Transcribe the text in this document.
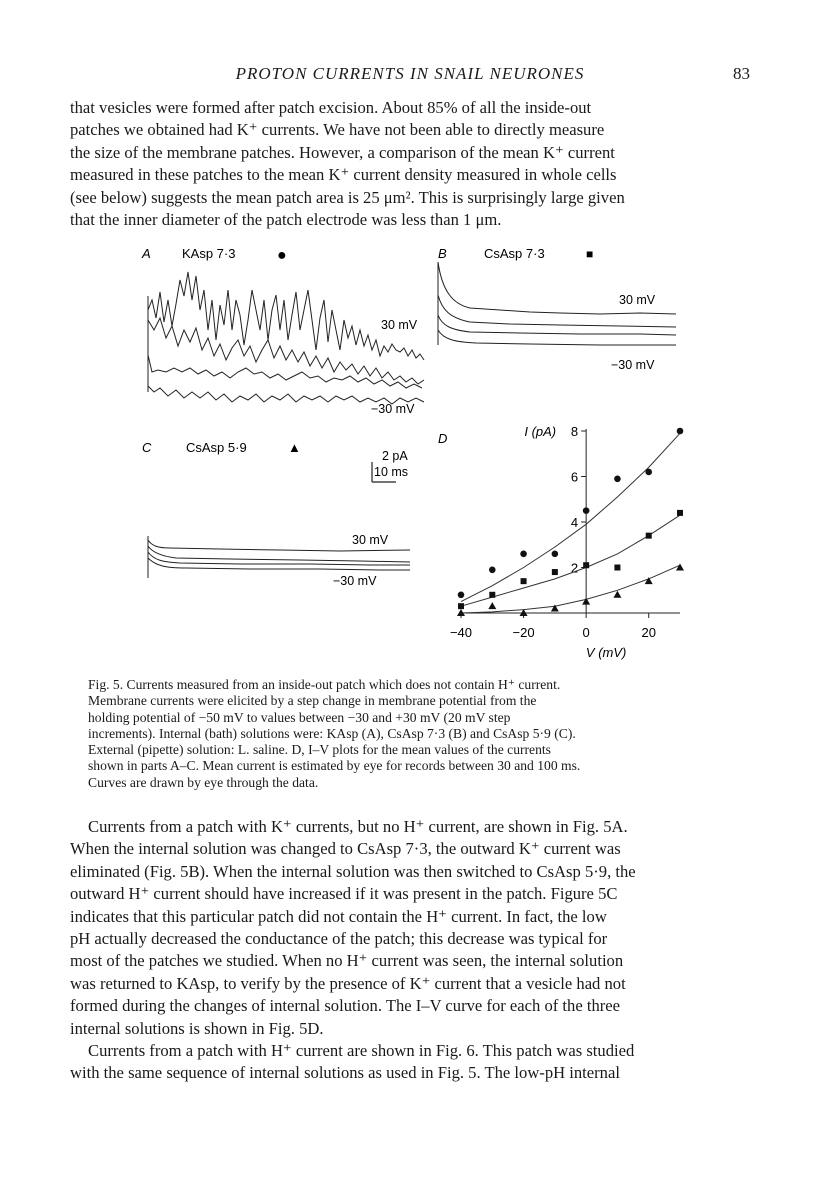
PROTON CURRENTS IN SNAIL NEURONES	83
that vesicles were formed after patch excision. About 85% of all the inside-out
patches we obtained had K⁺ currents. We have not been able to directly measure
the size of the membrane patches. However, a comparison of the mean K⁺ current
measured in these patches to the mean K⁺ current density measured in whole cells
(see below) suggests the mean patch area is 25 μm². This is surprisingly large given
that the inner diameter of the patch electrode was less than 1 μm.
A KAsp 7·3	●
30 mV
−30 mV
B	CsAsp 7·3	■
30 mV
−30 mV
C	CsAsp 5·9	▲
2 pA
10 ms
30 mV
−30 mV
D
−40	−20	0	20
2
4
6
8
I (pA)
V (mV)
Fig. 5. Currents measured from an inside-out patch which does not contain H⁺ current.
Membrane currents were elicited by a step change in membrane potential from the
holding potential of −50 mV to values between −30 and +30 mV (20 mV step
increments). Internal (bath) solutions were: KAsp (A), CsAsp 7·3 (B) and CsAsp 5·9 (C).
External (pipette) solution: L. saline. D, I–V plots for the mean values of the currents
shown in parts A–C. Mean current is estimated by eye for records between 30 and 100 ms.
Curves are drawn by eye through the data.
Currents from a patch with K⁺ currents, but no H⁺ current, are shown in Fig. 5A.
When the internal solution was changed to CsAsp 7·3, the outward K⁺ current was
eliminated (Fig. 5B). When the internal solution was then switched to CsAsp 5·9, the
outward H⁺ current should have increased if it was present in the patch. Figure 5C
indicates that this particular patch did not contain the H⁺ current. In fact, the low
pH actually decreased the conductance of the patch; this decrease was typical for
most of the patches we studied. When no H⁺ current was seen, the internal solution
was returned to KAsp, to verify by the presence of K⁺ current that a vesicle had not
formed during the changes of internal solution. The I–V curve for each of the three
internal solutions is shown in Fig. 5D.
Currents from a patch with H⁺ current are shown in Fig. 6. This patch was studied
with the same sequence of internal solutions as used in Fig. 5. The low-pH internal
